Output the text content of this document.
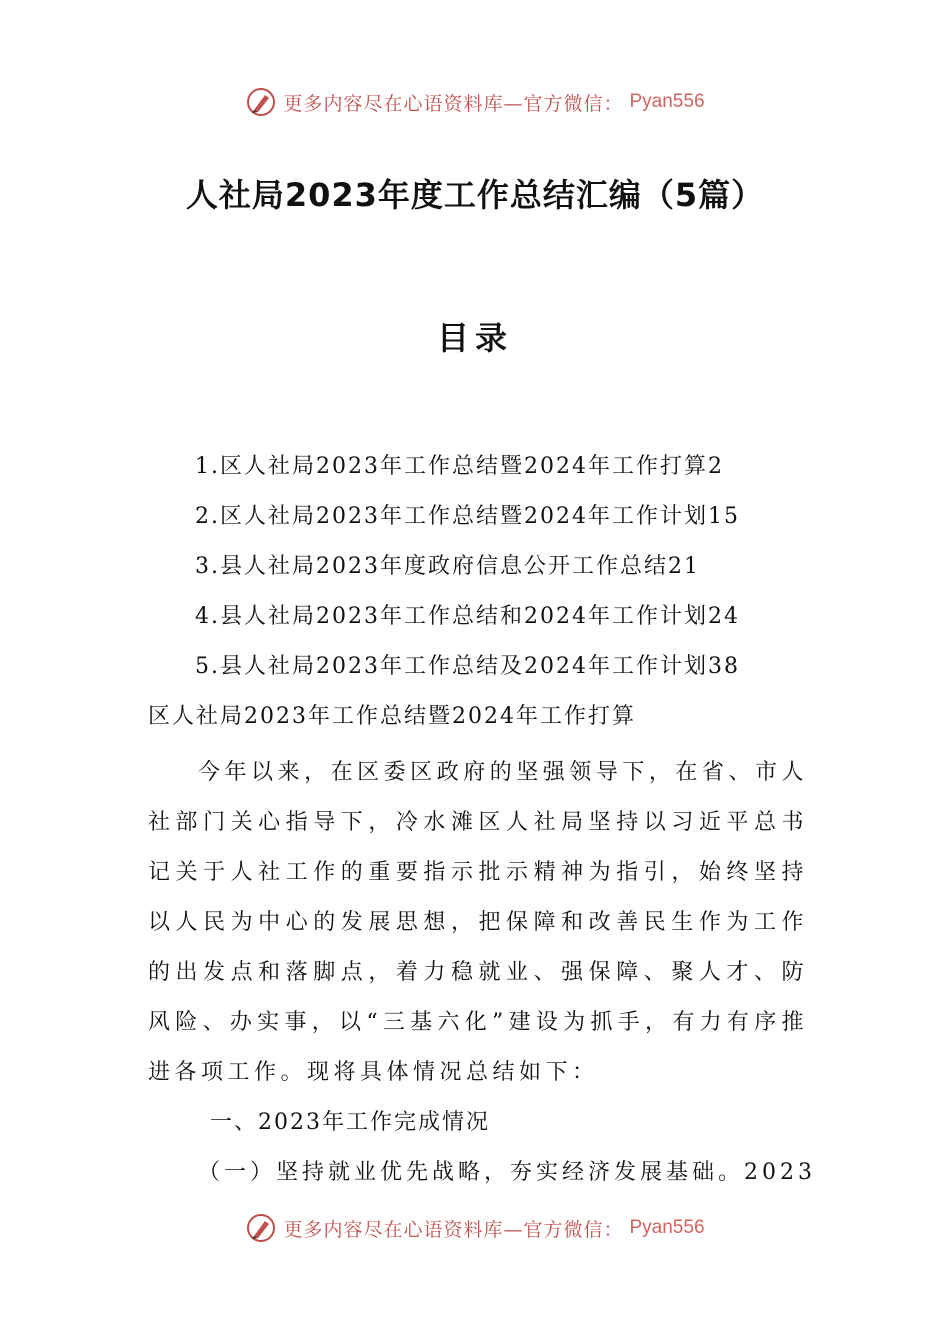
更多内容尽在心语资料库—官方微信： Pyan556
人社局2023年度工作总结汇编（5篇）
目录
1.区人社局2023年工作总结暨2024年工作打算2
2.区人社局2023年工作总结暨2024年工作计划15
3.县人社局2023年度政府信息公开工作总结21
4.县人社局2023年工作总结和2024年工作计划24
5.县人社局2023年工作总结及2024年工作计划38
区人社局2023年工作总结暨2024年工作打算

今年以来，在区委区政府的坚强领导下，在省、市人社部门关心指导下，冷水滩区人社局坚持以习近平总书记关于人社工作的重要指示批示精神为指引，始终坚持以人民为中心的发展思想，把保障和改善民生作为工作的出发点和落脚点，着力稳就业、强保障、聚人才、防风险、办实事，以“三基六化”建设为抓手，有力有序推进各项工作。现将具体情况总结如下：

一、2023年工作完成情况

（一）坚持就业优先战略，夯实经济发展基础。2023

更多内容尽在心语资料库—官方微信： Pyan556
